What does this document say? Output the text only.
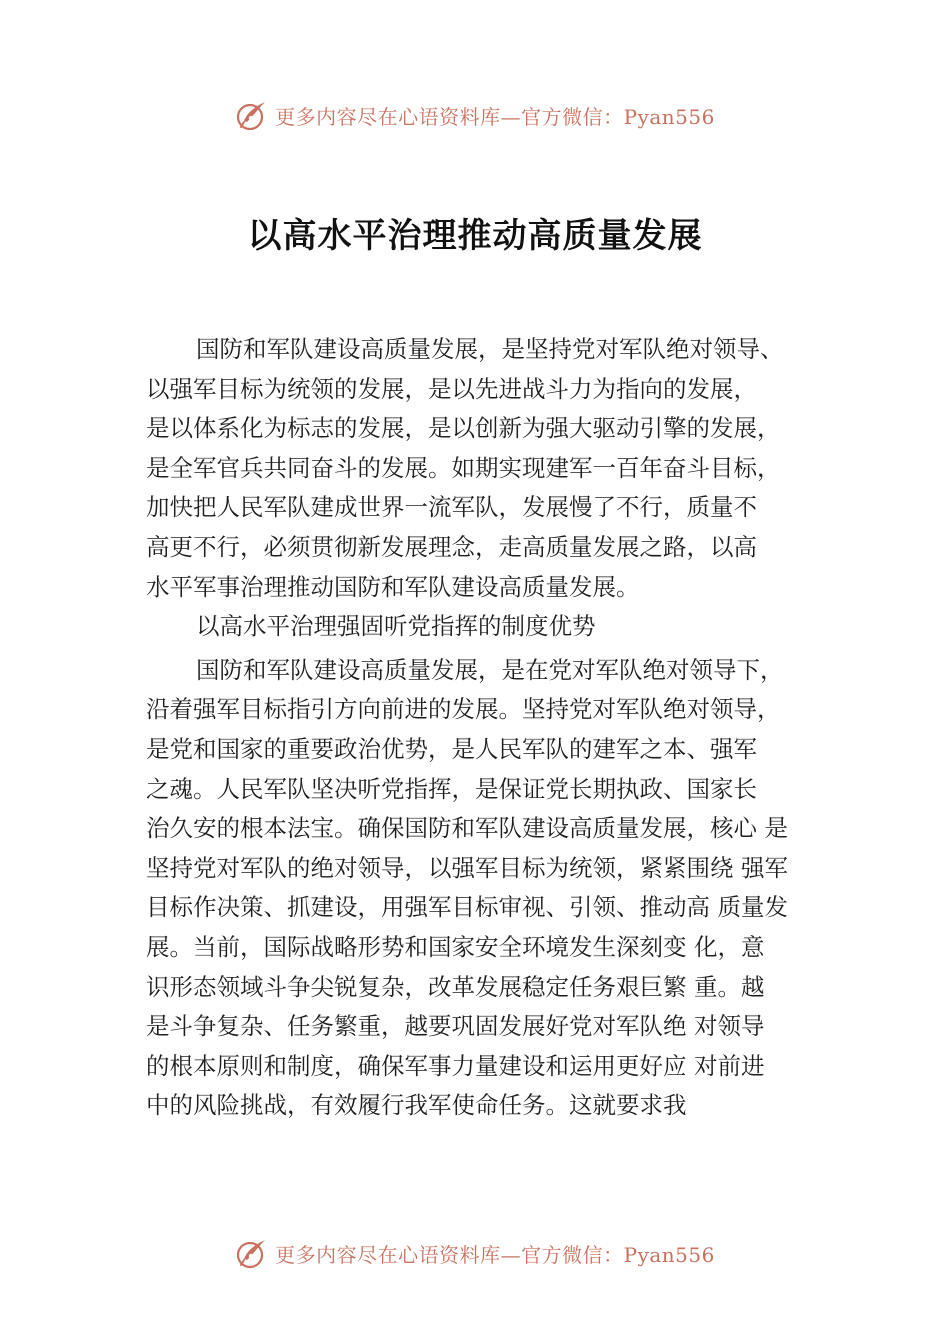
更多内容尽在心语资料库—官方微信：Pyan556
以高水平治理推动高质量发展
国防和军队建设高质量发展，是坚持党对军队绝对领导、
以强军目标为统领的发展，是以先进战斗力为指向的发展，
是以体系化为标志的发展，是以创新为强大驱动引擎的发展，
是全军官兵共同奋斗的发展。如期实现建军一百年奋斗目标，
加快把人民军队建成世界一流军队，发展慢了不行，质量不
高更不行，必须贯彻新发展理念，走高质量发展之路，以高
水平军事治理推动国防和军队建设高质量发展。
以高水平治理强固听党指挥的制度优势
国防和军队建设高质量发展，是在党对军队绝对领导下，
沿着强军目标指引方向前进的发展。坚持党对军队绝对领导，
是党和国家的重要政治优势，是人民军队的建军之本、强军
之魂。人民军队坚决听党指挥，是保证党长期执政、国家长
治久安的根本法宝。确保国防和军队建设高质量发展，核心 是
坚持党对军队的绝对领导，以强军目标为统领，紧紧围绕 强军
目标作决策、抓建设，用强军目标审视、引领、推动高 质量发
展。当前，国际战略形势和国家安全环境发生深刻变 化，意
识形态领域斗争尖锐复杂，改革发展稳定任务艰巨繁 重。越
是斗争复杂、任务繁重，越要巩固发展好党对军队绝 对领导
的根本原则和制度，确保军事力量建设和运用更好应 对前进
中的风险挑战，有效履行我军使命任务。这就要求我
更多内容尽在心语资料库—官方微信：Pyan556
